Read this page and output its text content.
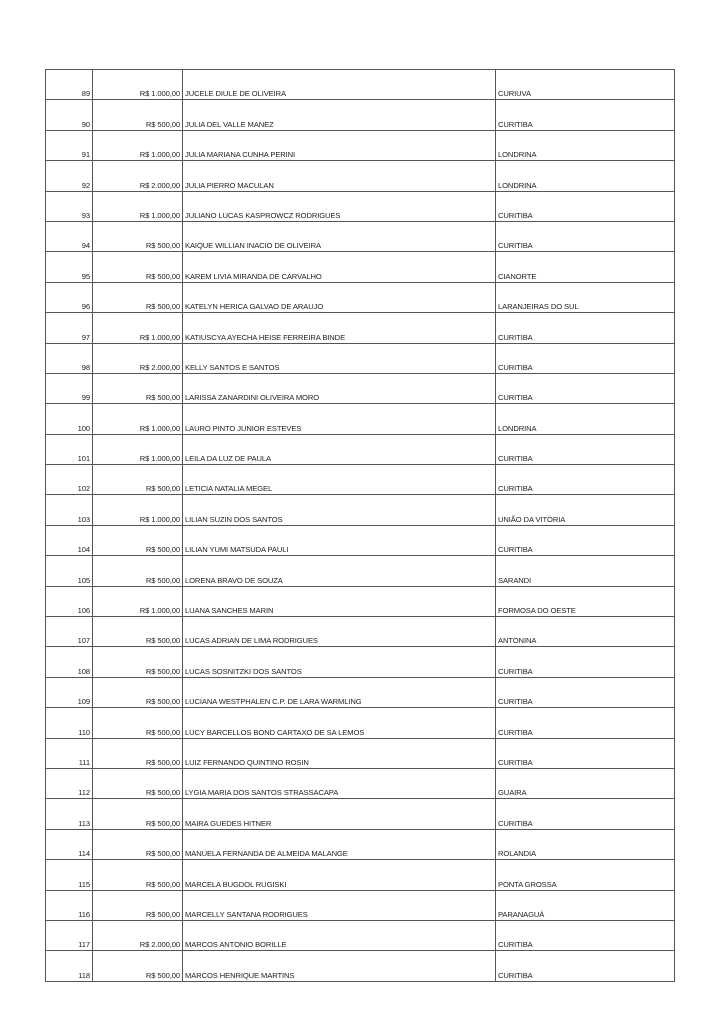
89	R$ 1.000,00	JUCELE DIULE DE OLIVEIRA	CURIUVA
90	R$ 500,00	JULIA DEL VALLE MANEZ	CURITIBA
91	R$ 1.000,00	JULIA MARIANA CUNHA PERINI	LONDRINA
92	R$ 2.000,00	JULIA PIERRO MACULAN	LONDRINA
93	R$ 1.000,00	JULIANO LUCAS KASPROWCZ RODRIGUES	CURITIBA
94	R$ 500,00	KAIQUE WILLIAN INACIO DE OLIVEIRA	CURITIBA
95	R$ 500,00	KAREM LIVIA MIRANDA DE CARVALHO	CIANORTE
96	R$ 500,00	KATELYN HERICA GALVAO DE ARAUJO	LARANJEIRAS DO SUL
97	R$ 1.000,00	KATIUSCYA AYECHA HEISE FERREIRA BINDE	CURITIBA
98	R$ 2.000,00	KELLY SANTOS E SANTOS	CURITIBA
99	R$ 500,00	LARISSA ZANARDINI OLIVEIRA MORO	CURITIBA
100	R$ 1.000,00	LAURO PINTO JUNIOR ESTEVES	LONDRINA
101	R$ 1.000,00	LEILA DA LUZ DE PAULA	CURITIBA
102	R$ 500,00	LETICIA NATALIA MEGEL	CURITIBA
103	R$ 1.000,00	LILIAN SUZIN DOS SANTOS	UNIÃO DA VITÓRIA
104	R$ 500,00	LILIAN YUMI MATSUDA PAULI	CURITIBA
105	R$ 500,00	LORENA BRAVO DE SOUZA	SARANDI
106	R$ 1.000,00	LUANA SANCHES MARIN	FORMOSA DO OESTE
107	R$ 500,00	LUCAS ADRIAN DE LIMA RODRIGUES	ANTONINA
108	R$ 500,00	LUCAS SOSNITZKI DOS SANTOS	CURITIBA
109	R$ 500,00	LUCIANA WESTPHALEN C.P. DE LARA WARMLING	CURITIBA
110	R$ 500,00	LUCY BARCELLOS BOND CARTAXO DE SA LEMOS	CURITIBA
111	R$ 500,00	LUIZ FERNANDO QUINTINO ROSIN	CURITIBA
112	R$ 500,00	LYGIA MARIA DOS SANTOS STRASSACAPA	GUAIRA
113	R$ 500,00	MAIRA GUEDES HITNER	CURITIBA
114	R$ 500,00	MANUELA FERNANDA DE ALMEIDA MALANGE	ROLANDIA
115	R$ 500,00	MARCELA BUGDOL RUGISKI	PONTA GROSSA
116	R$ 500,00	MARCELLY SANTANA RODRIGUES	PARANAGUÁ
117	R$ 2.000,00	MARCOS ANTONIO BORILLE	CURITIBA
118	R$ 500,00	MARCOS HENRIQUE MARTINS	CURITIBA
